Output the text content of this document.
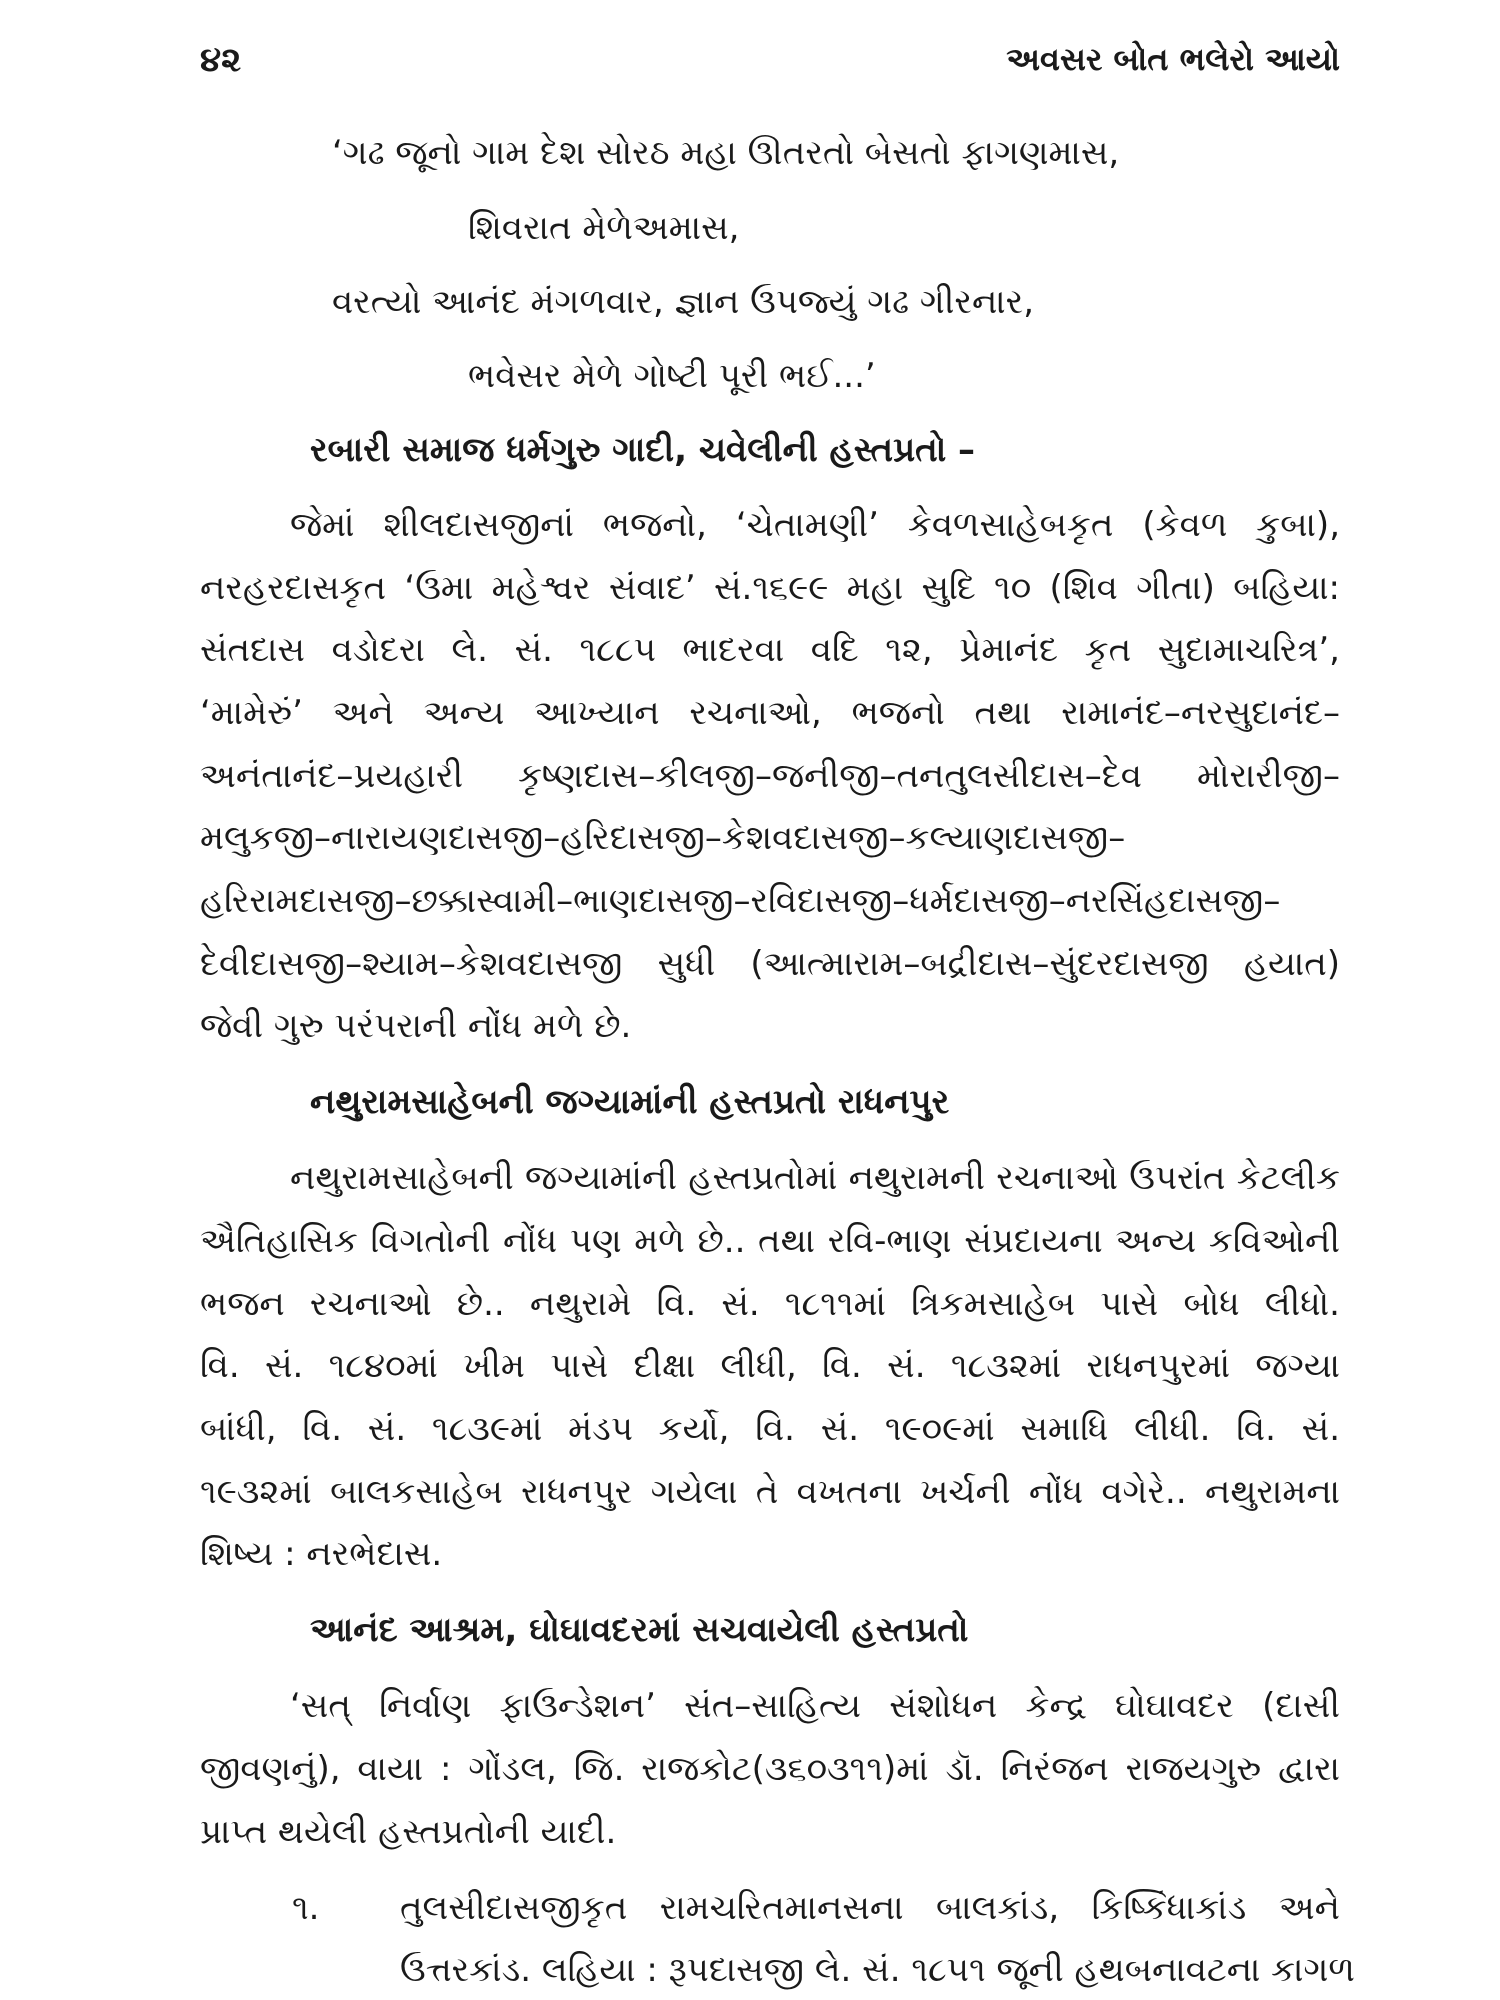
૪૨	અવસર બોત ભલેરો આયો
‘ગઢ જૂનો ગામ દેશ સોરઠ મહા ઊતરતો બેસતો ફાગણમાસ,
શિવરાત મેળેઅમાસ,
વરત્યો આનંદ મંગળવાર, જ્ઞાન ઉપજ્યું ગઢ ગીરનાર,
ભવેસર મેળે ગોષ્ટી પૂરી ભઈ...’
રબારી સમાજ ધર્મગુરુ ગાદી, ચવેલીની હસ્તપ્રતો –
જેમાં શીલદાસજીનાં ભજનો, ‘ચેતામણી’ કેવળસાહેબકૃત (કેવળ કુબા),
નરહરદાસકૃત ‘ઉમા મહેશ્વર સંવાદ’ સં.૧૬૯૯ મહા સુદિ ૧૦ (શિવ ગીતા) બહિયા:
સંતદાસ વડોદરા લે. સં. ૧૮૮૫ ભાદરવા વદિ ૧૨, પ્રેમાનંદ કૃત સુદામાચરિત્ર’,
‘મામેરું’ અને અન્ય આખ્યાન રચનાઓ, ભજનો તથા રામાનંદ–નરસુદાનંદ–
અનંતાનંદ–પ્રયહારી કૃષ્ણદાસ–કીલજી–જનીજી–તનતુલસીદાસ–દેવ મોરારીજી–
મલુકજી–નારાયણદાસજી–હરિદાસજી–કેશવદાસજી–કલ્યાણદાસજી–
હરિરામદાસજી–છક્કાસ્વામી–ભાણદાસજી–રવિદાસજી–ધર્મદાસજી–નરસિંહદાસજી–
દેવીદાસજી–શ્યામ–કેશવદાસજી સુધી (આત્મારામ–બદ્રીદાસ–સુંદરદાસજી હયાત)
જેવી ગુરુ પરંપરાની નોંધ મળે છે.
નથુરામસાહેબની જગ્યામાંની હસ્તપ્રતો રાધનપુર
નથુરામસાહેબની જગ્યામાંની હસ્તપ્રતોમાં નથુરામની રચનાઓ ઉપરાંત કેટલીક
ઐતિહાસિક વિગતોની નોંધ પણ મળે છે.. તથા રવિ-ભાણ સંપ્રદાયના અન્ય કવિઓની
ભજન રચનાઓ છે.. નથુરામે વિ. સં. ૧૮૧૧માં ત્રિકમસાહેબ પાસે બોધ લીધો.
વિ. સં. ૧૮૪૦માં ખીમ પાસે દીક્ષા લીધી, વિ. સં. ૧૮૩૨માં રાધનપુરમાં જગ્યા
બાંધી, વિ. સં. ૧૮૩૯માં મંડપ કર્યો, વિ. સં. ૧૯૦૯માં સમાધિ લીધી. વિ. સં.
૧૯૩૨માં બાલકસાહેબ રાધનપુર ગયેલા તે વખતના ખર્ચની નોંધ વગેરે.. નથુરામના
શિષ્ય : નરભેદાસ.
આનંદ આશ્રમ, ઘોઘાવદરમાં સચવાયેલી હસ્તપ્રતો
‘સત્ નિર્વાણ ફાઉન્ડેશન’ સંત–સાહિત્ય સંશોધન કેન્દ્ર ઘોઘાવદર (દાસી
જીવણનું), વાયા : ગોંડલ, જિ. રાજકોટ(૩૬૦૩૧૧)માં ડૉ. નિરંજન રાજયગુરુ દ્વારા
પ્રાપ્ત થયેલી હસ્તપ્રતોની યાદી.
૧. તુલસીદાસજીકૃત રામચરિતમાનસના બાલકાંડ, કિષ્કિંધાકાંડ અને
ઉત્તરકાંડ. લહિયા : રૂપદાસજી લે. સં. ૧૮૫૧ જૂની હથબનાવટના કાગળ
